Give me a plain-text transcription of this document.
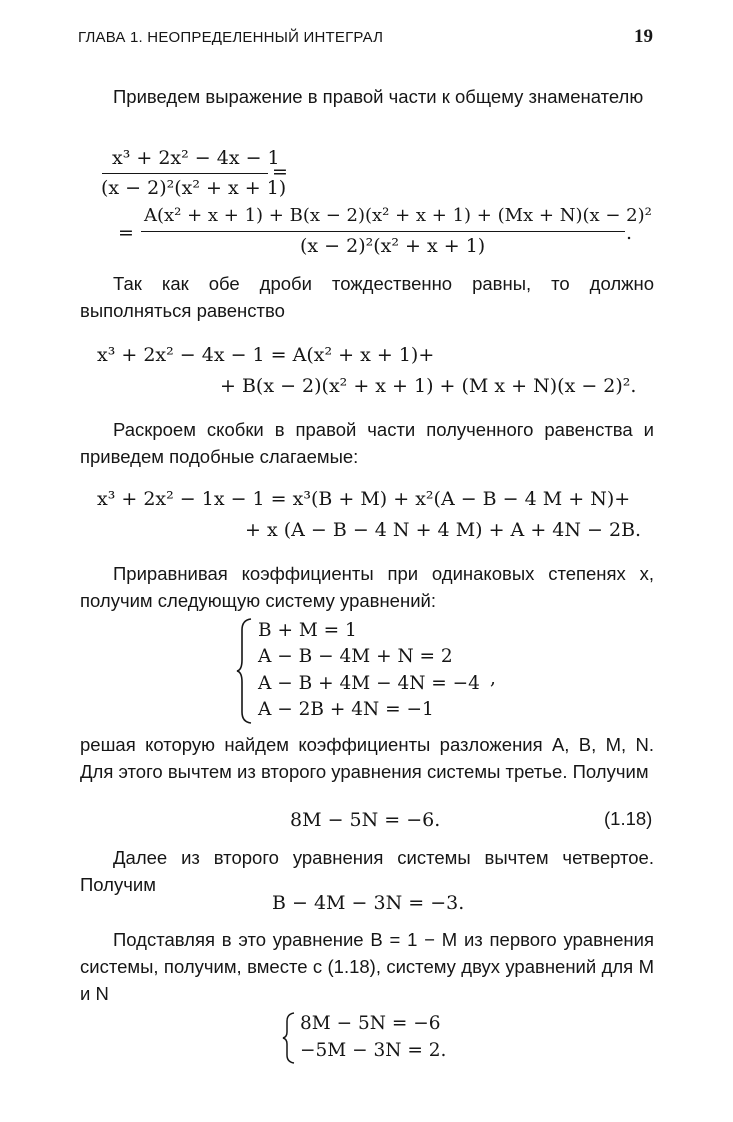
ГЛАВА 1. НЕОПРЕДЕЛЕННЫЙ ИНТЕГРАЛ	19

Приведем выражение в правой части к общему знаменателю

x³ + 2x² − 4x − 1
(x − 2)²(x² + x + 1)
=
=
A(x² + x + 1) + B(x − 2)(x² + x + 1) + (Mx + N)(x − 2)²
(x − 2)²(x² + x + 1)
.

Так как обе дроби тождественно равны, то должно выполняться равенство

x³ + 2x² − 4x − 1 = A(x² + x + 1)+
+ B(x − 2)(x² + x + 1) + (M x + N)(x − 2)².

Раскроем скобки в правой части полученного равенства и приведем подобные слагаемые:

x³ + 2x² − 1x − 1 = x³(B + M) + x²(A − B − 4 M + N)+
+ x (A − B − 4 N + 4 M) + A + 4N − 2B.

Приравнивая коэффициенты при одинаковых степенях x, получим следующую систему уравнений:

B + M = 1
A − B − 4M + N = 2
A − B + 4M − 4N = −4
A − 2B + 4N = −1
,

решая которую найдем коэффициенты разложения A, B, M, N. Для этого вычтем из второго уравнения системы третье. Получим

8M − 5N = −6.	(1.18)

Далее из второго уравнения системы вычтем четвертое. Получим

B − 4M − 3N = −3.

Подставляя в это уравнение B = 1 − M из первого уравнения системы, получим, вместе с (1.18), систему двух уравнений для M и N

8M − 5N = −6
−5M − 3N = 2.
